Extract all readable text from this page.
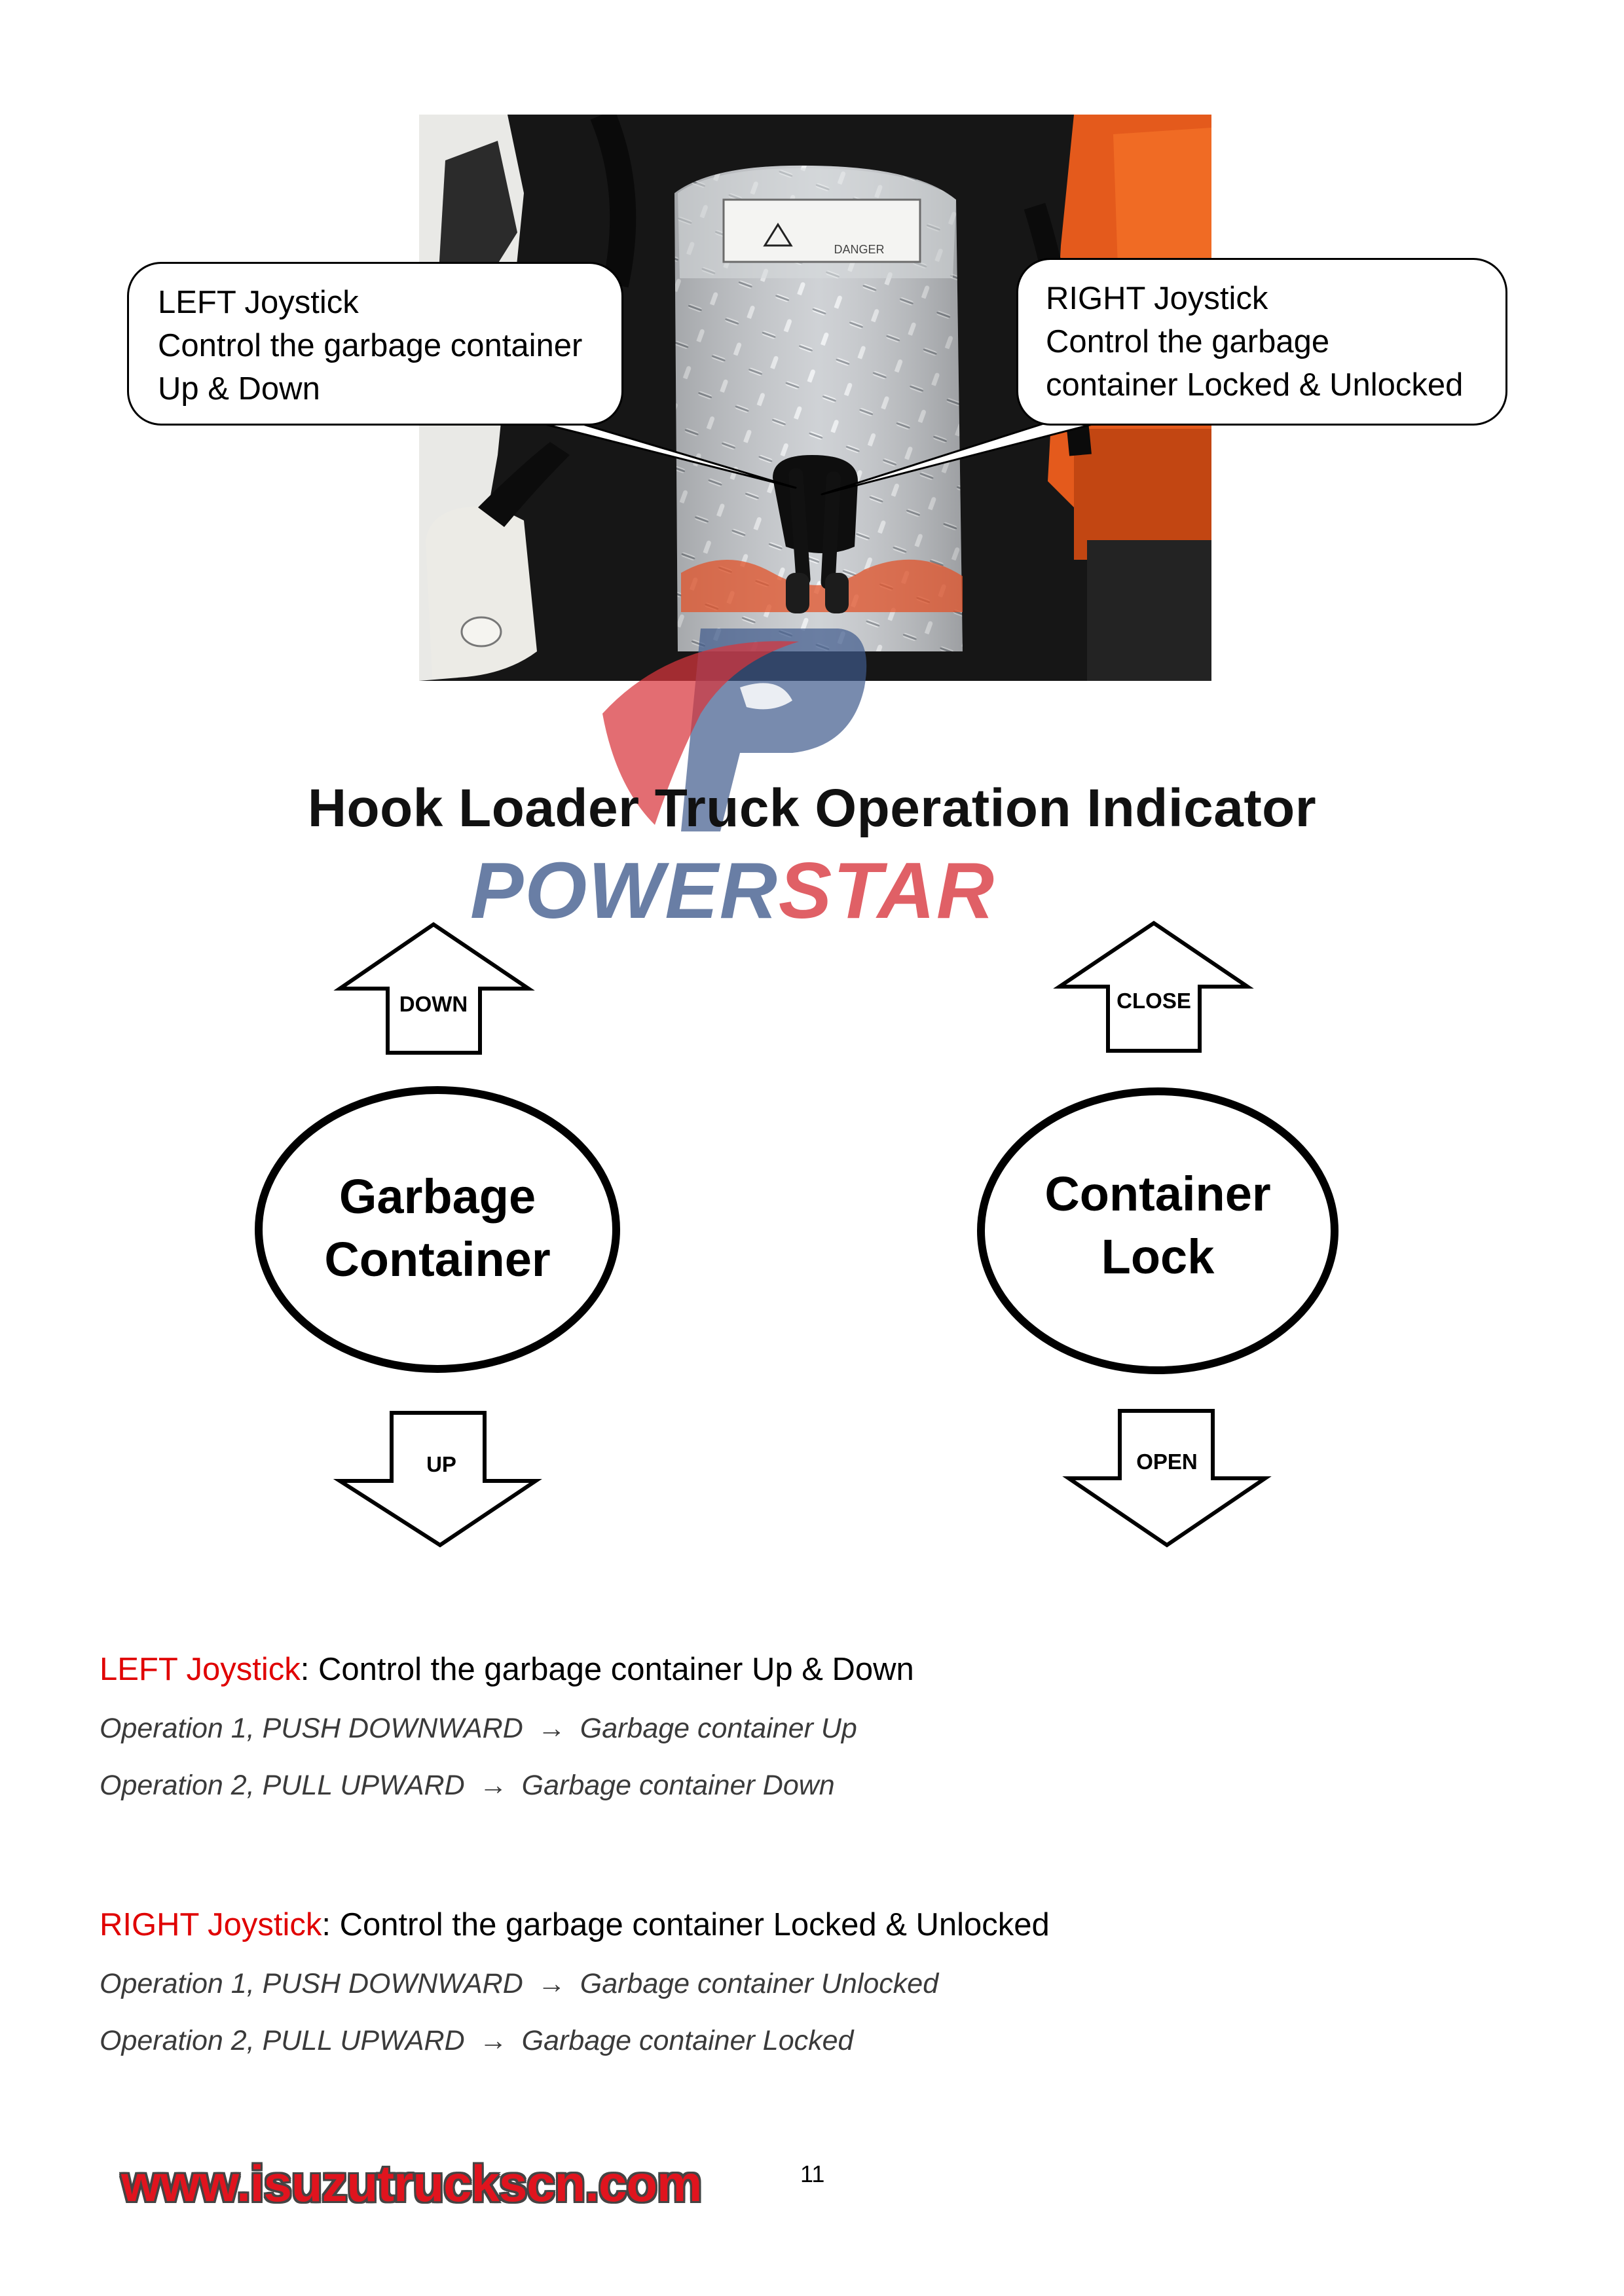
DANGER
LEFT Joystick
Control the garbage container
Up & Down
RIGHT Joystick
Control the garbage
container Locked & Unlocked
Hook Loader Truck Operation Indicator
POWERSTAR
DOWN
UP
CLOSE
OPEN
Garbage
Container
Container
Lock
LEFT Joystick: Control the garbage container Up & Down
Operation 1, PUSH DOWNWARD → Garbage container Up
Operation 2, PULL UPWARD → Garbage container Down
RIGHT Joystick: Control the garbage container Locked & Unlocked
Operation 1, PUSH DOWNWARD → Garbage container Unlocked
Operation 2, PULL UPWARD → Garbage container Locked
www.isuzutruckscn.com	11
